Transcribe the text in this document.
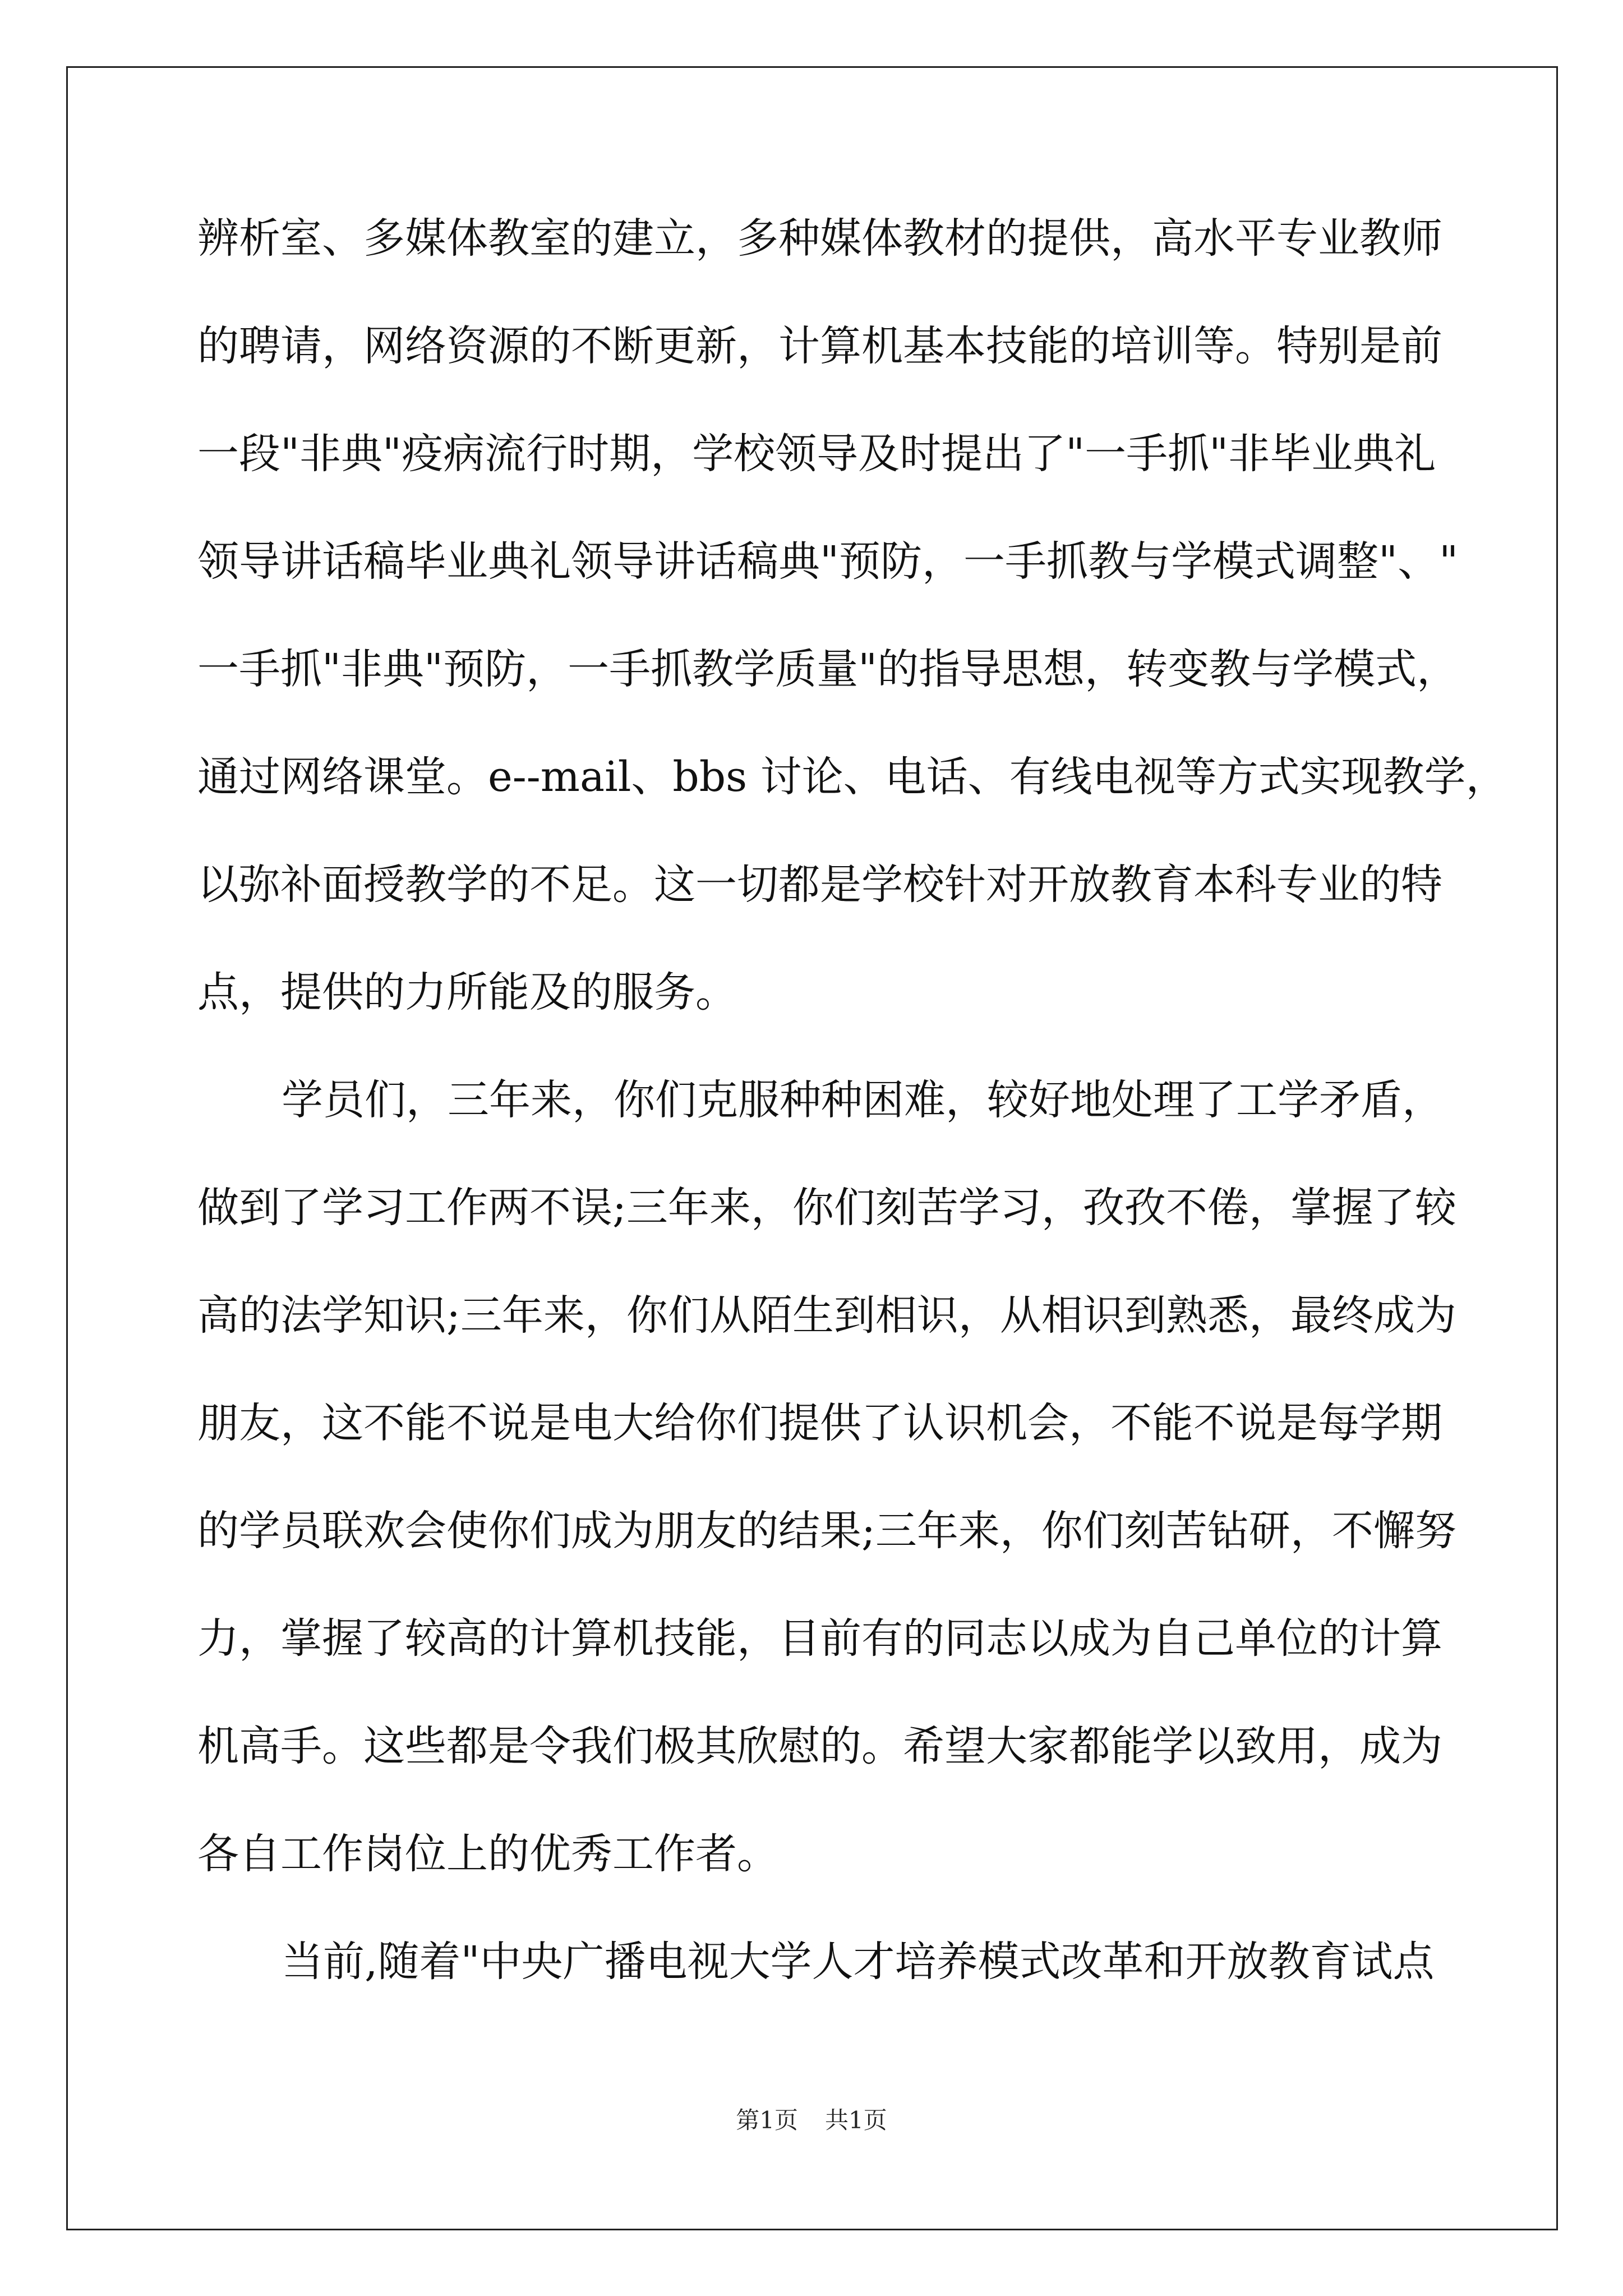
辨析室、多媒体教室的建立，多种媒体教材的提供，高水平专业教师
的聘请，网络资源的不断更新，计算机基本技能的培训等。特别是前
一段"非典"疫病流行时期，学校领导及时提出了"一手抓"非毕业典礼
领导讲话稿毕业典礼领导讲话稿典"预防，一手抓教与学模式调整"、"
一手抓"非典"预防，一手抓教学质量"的指导思想，转变教与学模式，
通过网络课堂。e--mail、bbs 讨论、电话、有线电视等方式实现教学，
以弥补面授教学的不足。这一切都是学校针对开放教育本科专业的特
点，提供的力所能及的服务。
学员们，三年来，你们克服种种困难，较好地处理了工学矛盾，
做到了学习工作两不误;三年来，你们刻苦学习，孜孜不倦，掌握了较
高的法学知识;三年来，你们从陌生到相识，从相识到熟悉，最终成为
朋友，这不能不说是电大给你们提供了认识机会，不能不说是每学期
的学员联欢会使你们成为朋友的结果;三年来，你们刻苦钻研，不懈努
力，掌握了较高的计算机技能，目前有的同志以成为自己单位的计算
机高手。这些都是令我们极其欣慰的。希望大家都能学以致用，成为
各自工作岗位上的优秀工作者。
当前,随着"中央广播电视大学人才培养模式改革和开放教育试点
第1页 共1页
